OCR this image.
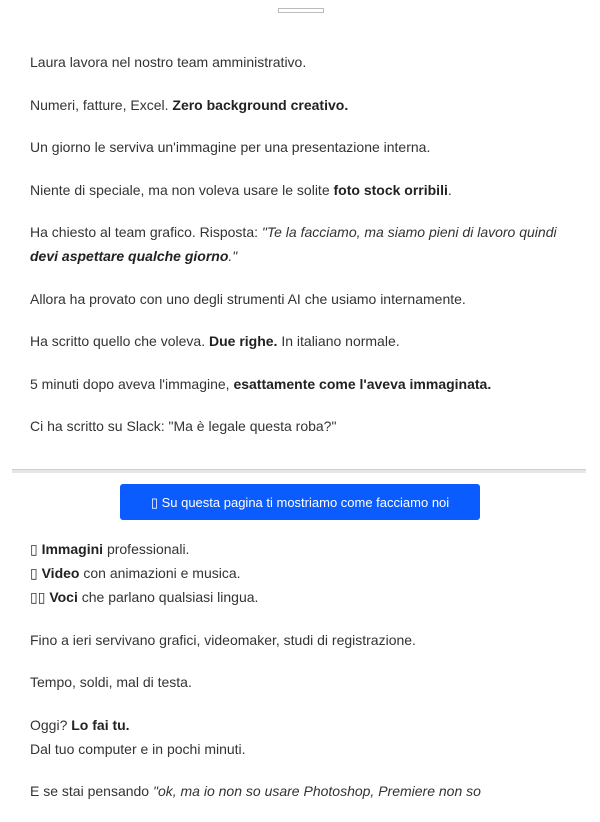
Laura lavora nel nostro team amministrativo.

Numeri, fatture, Excel. Zero background creativo.

Un giorno le serviva un'immagine per una presentazione interna.

Niente di speciale, ma non voleva usare le solite foto stock orribili.

Ha chiesto al team grafico. Risposta: "Te la facciamo, ma siamo pieni di lavoro quindi devi aspettare qualche giorno."

Allora ha provato con uno degli strumenti AI che usiamo internamente.

Ha scritto quello che voleva. Due righe. In italiano normale.

5 minuti dopo aveva l'immagine, esattamente come l'aveva immaginata.

Ci ha scritto su Slack: "Ma è legale questa roba?"

▯ Su questa pagina ti mostriamo come facciamo noi
▯ Immagini professionali.
▯ Video con animazioni e musica.
▯▯ Voci che parlano qualsiasi lingua.

Fino a ieri servivano grafici, videomaker, studi di registrazione.

Tempo, soldi, mal di testa.

Oggi? Lo fai tu.
Dal tuo computer e in pochi minuti.

E se stai pensando "ok, ma io non so usare Photoshop, Premiere non so
